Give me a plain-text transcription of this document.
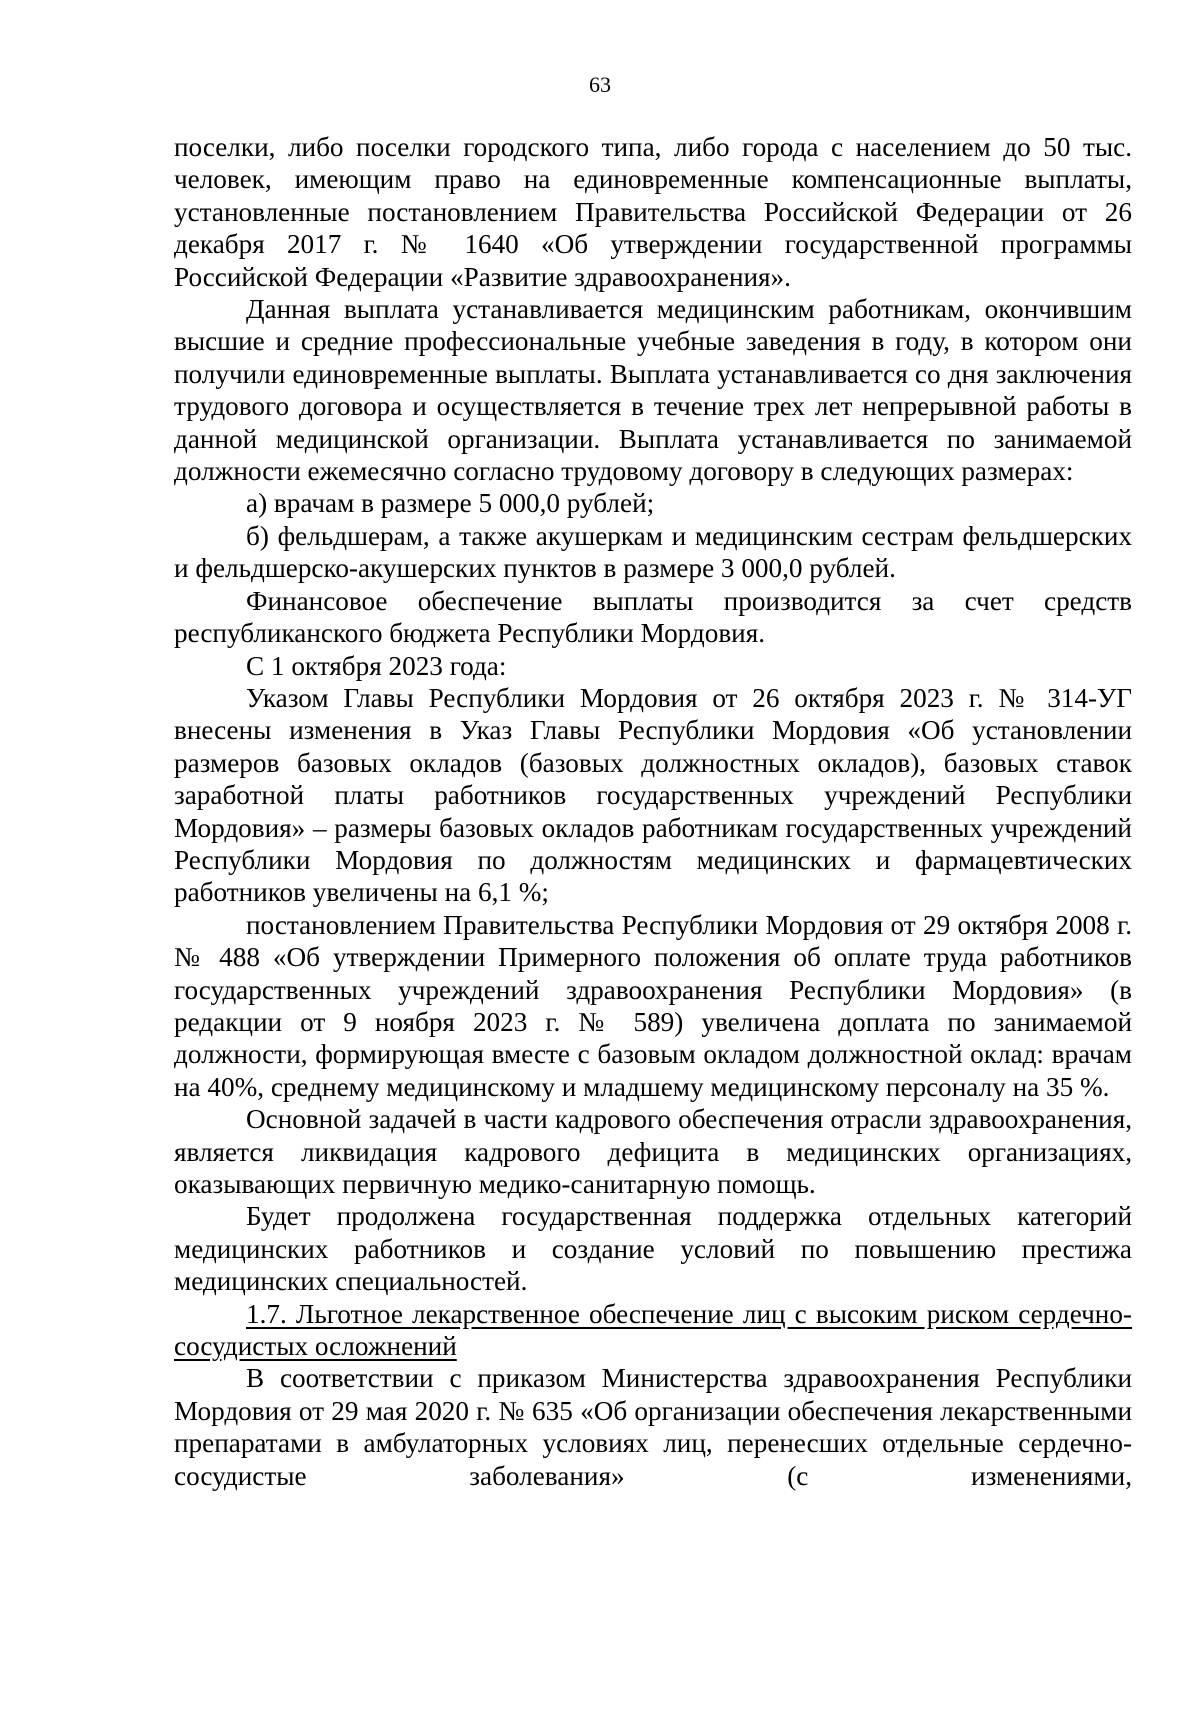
63

поселки, либо поселки городского типа, либо города с населением до 50 тыс. человек, имеющим право на единовременные компенсационные выплаты, установленные постановлением Правительства Российской Федерации от 26 декабря 2017 г. № 1640 «Об утверждении государственной программы Российской Федерации «Развитие здравоохранения».

Данная выплата устанавливается медицинским работникам, окончившим высшие и средние профессиональные учебные заведения в году, в котором они получили единовременные выплаты. Выплата устанавливается со дня заключения трудового договора и осуществляется в течение трех лет непрерывной работы в данной медицинской организации. Выплата устанавливается по занимаемой должности ежемесячно согласно трудовому договору в следующих размерах:

а) врачам в размере 5 000,0 рублей;

б) фельдшерам, а также акушеркам и медицинским сестрам фельдшерских и фельдшерско-акушерских пунктов в размере 3 000,0 рублей.

Финансовое обеспечение выплаты производится за счет средств республиканского бюджета Республики Мордовия.

С 1 октября 2023 года:

Указом Главы Республики Мордовия от 26 октября 2023 г. № 314-УГ внесены изменения в Указ Главы Республики Мордовия «Об установлении размеров базовых окладов (базовых должностных окладов), базовых ставок заработной платы работников государственных учреждений Республики Мордовия» – размеры базовых окладов работникам государственных учреждений Республики Мордовия по должностям медицинских и фармацевтических работников увеличены на 6,1 %;

постановлением Правительства Республики Мордовия от 29 октября 2008 г. № 488 «Об утверждении Примерного положения об оплате труда работников государственных учреждений здравоохранения Республики Мордовия» (в редакции от 9 ноября 2023 г. № 589) увеличена доплата по занимаемой должности, формирующая вместе с базовым окладом должностной оклад: врачам на 40%, среднему медицинскому и младшему медицинскому персоналу на 35 %.

Основной задачей в части кадрового обеспечения отрасли здравоохранения, является ликвидация кадрового дефицита в медицинских организациях, оказывающих первичную медико-санитарную помощь.

Будет продолжена государственная поддержка отдельных категорий медицинских работников и создание условий по повышению престижа медицинских специальностей.

1.7. Льготное лекарственное обеспечение лиц с высоким риском сердечно-сосудистых осложнений

В соответствии с приказом Министерства здравоохранения Республики Мордовия от 29 мая 2020 г. № 635 «Об организации обеспечения лекарственными препаратами в амбулаторных условиях лиц, перенесших отдельные сердечно-сосудистые заболевания» (с изменениями,
